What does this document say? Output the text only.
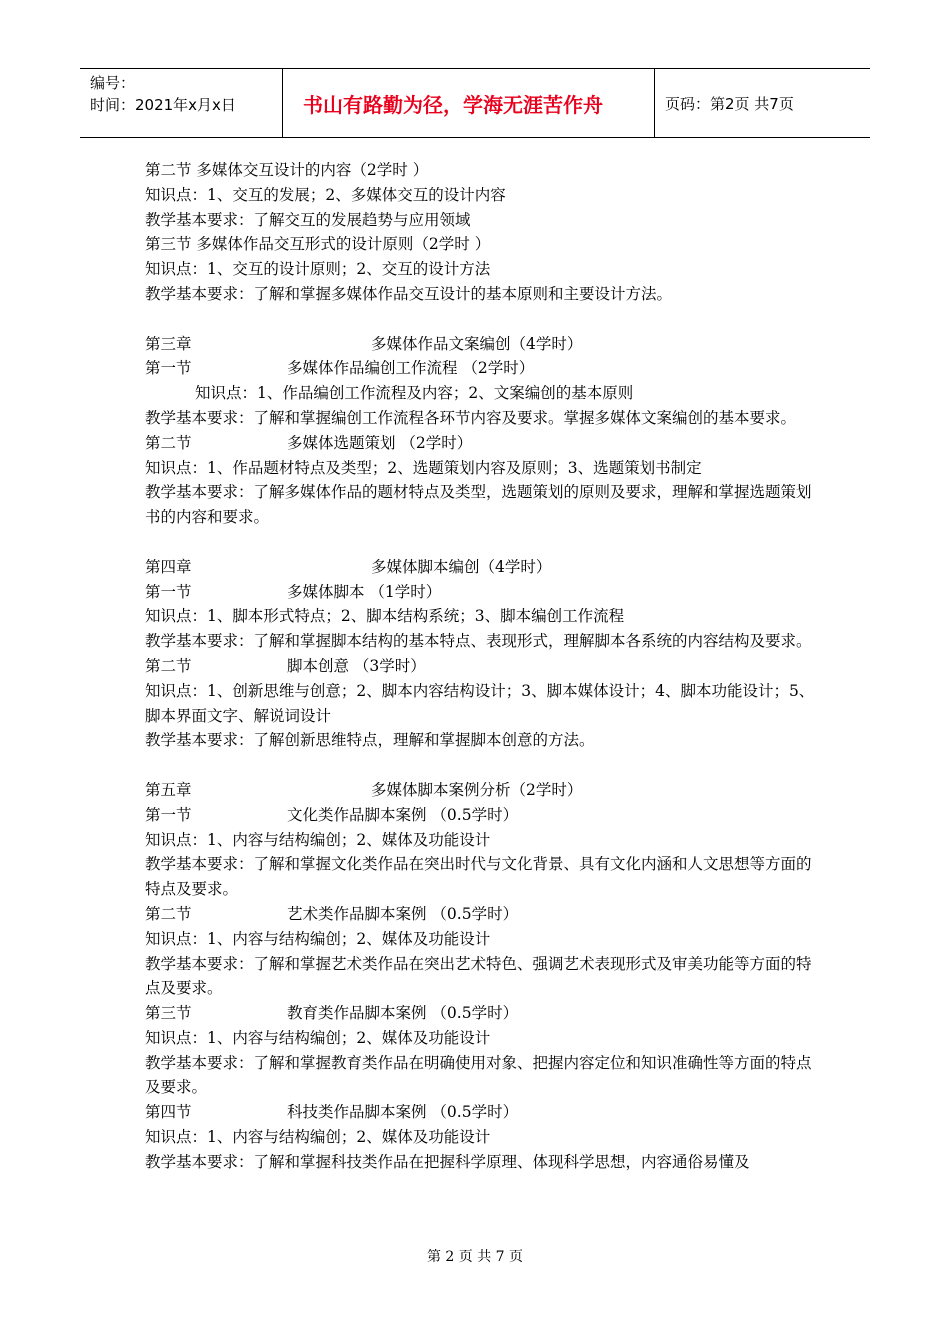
编号：
时间：2021年x月x日	书山有路勤为径，学海无涯苦作舟	页码：第2页 共7页
第二节 多媒体交互设计的内容（2学时 ）
知识点：1、交互的发展；2、多媒体交互的设计内容
教学基本要求：了解交互的发展趋势与应用领域
第三节 多媒体作品交互形式的设计原则（2学时 ）
知识点：1、交互的设计原则；2、交互的设计方法
教学基本要求：了解和掌握多媒体作品交互设计的基本原则和主要设计方法。
第三章	多媒体作品文案编创（4学时）
第一节	多媒体作品编创工作流程 （2学时）
知识点：1、作品编创工作流程及内容；2、文案编创的基本原则
教学基本要求：了解和掌握编创工作流程各环节内容及要求。掌握多媒体文案编创的基本要求。
第二节	多媒体选题策划 （2学时）
知识点：1、作品题材特点及类型；2、选题策划内容及原则；3、选题策划书制定
教学基本要求：了解多媒体作品的题材特点及类型，选题策划的原则及要求，理解和掌握选题策划书的内容和要求。
第四章	多媒体脚本编创（4学时）
第一节	多媒体脚本 （1学时）
知识点：1、脚本形式特点；2、脚本结构系统；3、脚本编创工作流程
教学基本要求：了解和掌握脚本结构的基本特点、表现形式，理解脚本各系统的内容结构及要求。
第二节	脚本创意 （3学时）
知识点：1、创新思维与创意；2、脚本内容结构设计；3、脚本媒体设计；4、脚本功能设计；5、脚本界面文字、解说词设计
教学基本要求：了解创新思维特点，理解和掌握脚本创意的方法。
第五章	多媒体脚本案例分析（2学时）
第一节	文化类作品脚本案例 （0.5学时）
知识点：1、内容与结构编创；2、媒体及功能设计
教学基本要求：了解和掌握文化类作品在突出时代与文化背景、具有文化内涵和人文思想等方面的特点及要求。
第二节	艺术类作品脚本案例 （0.5学时）
知识点：1、内容与结构编创；2、媒体及功能设计
教学基本要求：了解和掌握艺术类作品在突出艺术特色、强调艺术表现形式及审美功能等方面的特点及要求。
第三节	教育类作品脚本案例 （0.5学时）
知识点：1、内容与结构编创；2、媒体及功能设计
教学基本要求：了解和掌握教育类作品在明确使用对象、把握内容定位和知识准确性等方面的特点及要求。
第四节	科技类作品脚本案例 （0.5学时）
知识点：1、内容与结构编创；2、媒体及功能设计
教学基本要求：了解和掌握科技类作品在把握科学原理、体现科学思想，内容通俗易懂及
第 2 页 共 7 页
